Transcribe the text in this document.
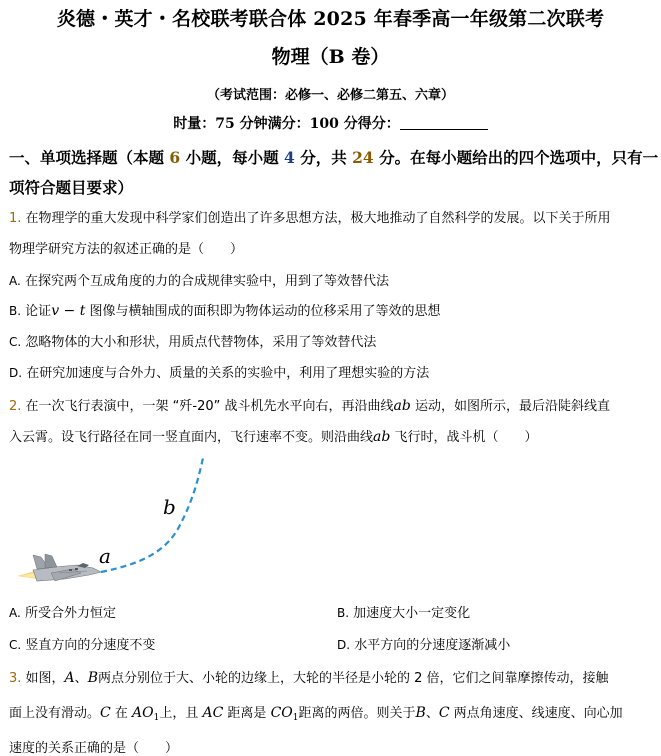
炎德・英才・名校联考联合体 2025 年春季高一年级第二次联考
物理（B 卷）
（考试范围：必修一、必修二第五、六章）
时量：75 分钟满分：100 分得分：
一、单项选择题（本题 6 小题，每小题 4 分，共 24 分。在每小题给出的四个选项中，只有一项符合题目要求）
1. 在物理学的重大发现中科学家们创造出了许多思想方法，极大地推动了自然科学的发展。以下关于所用
物理学研究方法的叙述正确的是（　　）
A. 在探究两个互成角度的力的合成规律实验中，用到了等效替代法
B. 论证v − t 图像与横轴围成的面积即为物体运动的位移采用了等效的思想
C. 忽略物体的大小和形状，用质点代替物体，采用了等效替代法
D. 在研究加速度与合外力、质量的关系的实验中，利用了理想实验的方法
2. 在一次飞行表演中，一架 “歼-20” 战斗机先水平向右，再沿曲线ab 运动，如图所示，最后沿陡斜线直
入云霄。设飞行路径在同一竖直面内，飞行速率不变。则沿曲线ab 飞行时，战斗机（　　）
a
b
A. 所受合外力恒定	B. 加速度大小一定变化
C. 竖直方向的分速度不变	D. 水平方向的分速度逐渐减小
3. 如图，A、B两点分别位于大、小轮的边缘上，大轮的半径是小轮的 2 倍，它们之间靠摩擦传动，接触
面上没有滑动。C 在 $AO_1$上，且 AC 距离是 $CO_1$距离的两倍。则关于B、C 两点角速度、线速度、向心加
速度的关系正确的是（　　）
